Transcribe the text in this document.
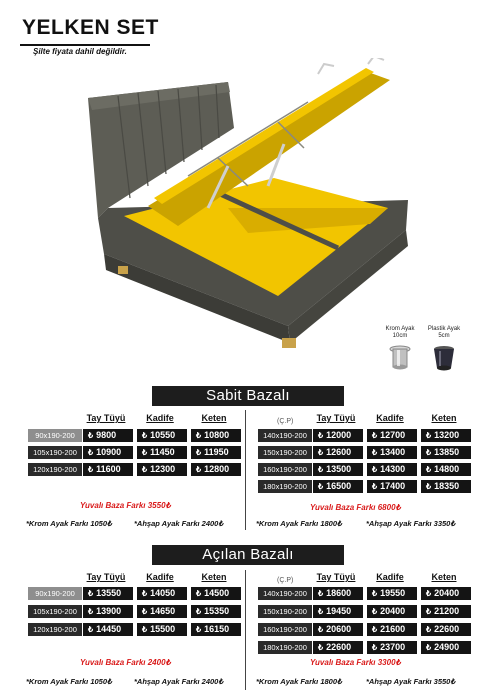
YELKEN SET
Şilte fiyata dahil değildir.
Krom Ayak
10cm
Plastik Ayak
5cm
Sabit Bazalı
Açılan Bazalı
Tay Tüyü	Kadife	Keten	(Ç.P)	Tay Tüyü	Kadife	Keten
90x190-200	₺ 9800	₺ 10550	₺ 10800
105x190-200	₺ 10900	₺ 11450	₺ 11950
120x190-200	₺ 11600	₺ 12300	₺ 12800
140x190-200	₺ 12000	₺ 12700	₺ 13200
150x190-200	₺ 12600	₺ 13400	₺ 13850
160x190-200	₺ 13500	₺ 14300	₺ 14800
180x190-200	₺ 16500	₺ 17400	₺ 18350
Yuvalı Baza Farkı 3550₺
*Krom Ayak Farkı 1050₺	*Ahşap Ayak Farkı 2400₺
Yuvalı Baza Farkı 6800₺
*Krom Ayak Farkı 1800₺	*Ahşap Ayak Farkı 3350₺
Tay Tüyü	Kadife	Keten	(Ç.P)	Tay Tüyü	Kadife	Keten
90x190-200	₺ 13550	₺ 14050	₺ 14500
105x190-200	₺ 13900	₺ 14650	₺ 15350
120x190-200	₺ 14450	₺ 15500	₺ 16150
140x190-200	₺ 18600	₺ 19550	₺ 20400
150x190-200	₺ 19450	₺ 20400	₺ 21200
160x190-200	₺ 20600	₺ 21600	₺ 22600
180x190-200	₺ 22600	₺ 23700	₺ 24900
Yuvalı Baza Farkı 2400₺
*Krom Ayak Farkı 1050₺	*Ahşap Ayak Farkı 2400₺
Yuvalı Baza Farkı 3300₺
*Krom Ayak Farkı 1800₺	*Ahşap Ayak Farkı 3550₺
